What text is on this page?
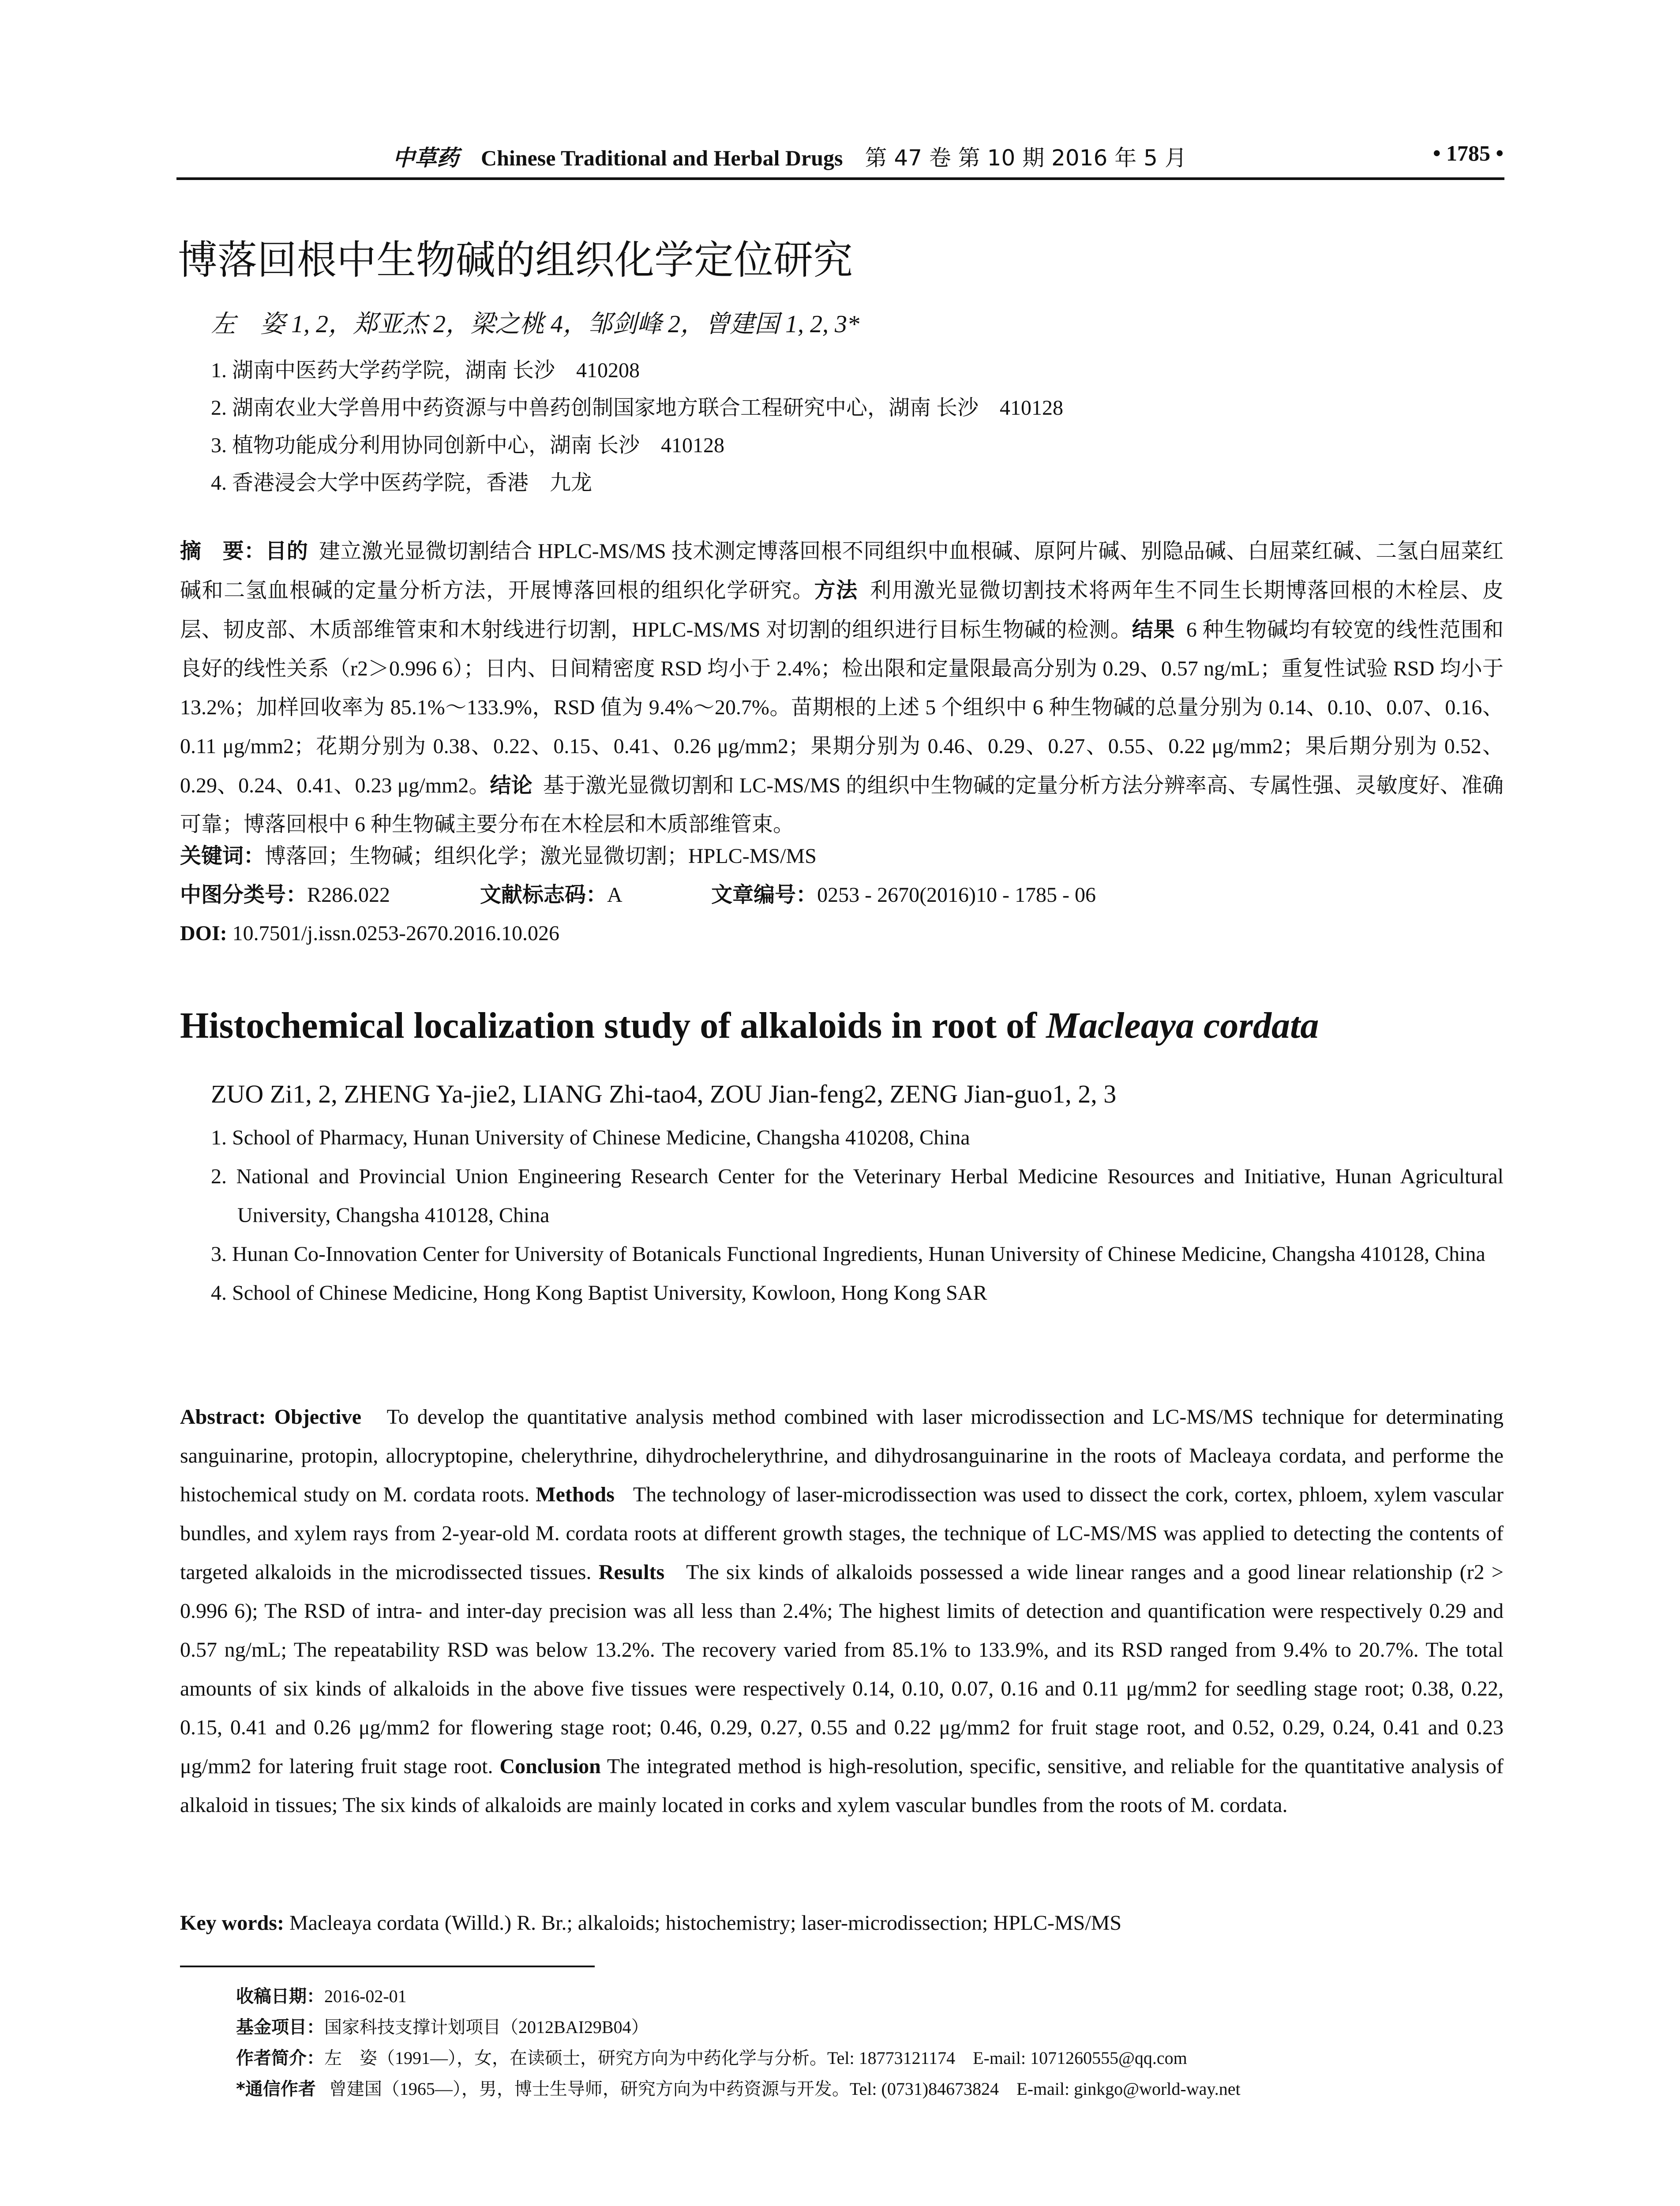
中草药 Chinese Traditional and Herbal Drugs 第 47 卷 第 10 期 2016 年 5 月	• 1785 •
博落回根中生物碱的组织化学定位研究
左　姿 1, 2，郑亚杰 2，梁之桃 4，邹剑峰 2，曾建国 1, 2, 3*
1. 湖南中医药大学药学院，湖南 长沙　410208
2. 湖南农业大学兽用中药资源与中兽药创制国家地方联合工程研究中心，湖南 长沙　410128
3. 植物功能成分利用协同创新中心，湖南 长沙　410128
4. 香港浸会大学中医药学院，香港　九龙
摘　要：目的 建立激光显微切割结合 HPLC-MS/MS 技术测定博落回根不同组织中血根碱、原阿片碱、别隐品碱、白屈菜红碱、二氢白屈菜红碱和二氢血根碱的定量分析方法，开展博落回根的组织化学研究。方法 利用激光显微切割技术将两年生不同生长期博落回根的木栓层、皮层、韧皮部、木质部维管束和木射线进行切割，HPLC-MS/MS 对切割的组织进行目标生物碱的检测。结果 6 种生物碱均有较宽的线性范围和良好的线性关系（r2＞0.996 6）；日内、日间精密度 RSD 均小于 2.4%；检出限和定量限最高分别为 0.29、0.57 ng/mL；重复性试验 RSD 均小于 13.2%；加样回收率为 85.1%～133.9%，RSD 值为 9.4%～20.7%。苗期根的上述 5 个组织中 6 种生物碱的总量分别为 0.14、0.10、0.07、0.16、0.11 μg/mm2；花期分别为 0.38、0.22、0.15、0.41、0.26 μg/mm2；果期分别为 0.46、0.29、0.27、0.55、0.22 μg/mm2；果后期分别为 0.52、0.29、0.24、0.41、0.23 μg/mm2。结论 基于激光显微切割和 LC-MS/MS 的组织中生物碱的定量分析方法分辨率高、专属性强、灵敏度好、准确可靠；博落回根中 6 种生物碱主要分布在木栓层和木质部维管束。
关键词：博落回；生物碱；组织化学；激光显微切割；HPLC-MS/MS
中图分类号：R286.022	文献标志码：A	文章编号：0253 - 2670(2016)10 - 1785 - 06
DOI: 10.7501/j.issn.0253-2670.2016.10.026
Histochemical localization study of alkaloids in root of Macleaya cordata
ZUO Zi1, 2, ZHENG Ya-jie2, LIANG Zhi-tao4, ZOU Jian-feng2, ZENG Jian-guo1, 2, 3
1. School of Pharmacy, Hunan University of Chinese Medicine, Changsha 410208, China
2. National and Provincial Union Engineering Research Center for the Veterinary Herbal Medicine Resources and Initiative, Hunan Agricultural University, Changsha 410128, China
3. Hunan Co-Innovation Center for University of Botanicals Functional Ingredients, Hunan University of Chinese Medicine, Changsha 410128, China
4. School of Chinese Medicine, Hong Kong Baptist University, Kowloon, Hong Kong SAR
Abstract: Objective To develop the quantitative analysis method combined with laser microdissection and LC-MS/MS technique for determinating sanguinarine, protopin, allocryptopine, chelerythrine, dihydrochelerythrine, and dihydrosanguinarine in the roots of Macleaya cordata, and performe the histochemical study on M. cordata roots. Methods The technology of laser-microdissection was used to dissect the cork, cortex, phloem, xylem vascular bundles, and xylem rays from 2-year-old M. cordata roots at different growth stages, the technique of LC-MS/MS was applied to detecting the contents of targeted alkaloids in the microdissected tissues. Results The six kinds of alkaloids possessed a wide linear ranges and a good linear relationship (r2 > 0.996 6); The RSD of intra- and inter-day precision was all less than 2.4%; The highest limits of detection and quantification were respectively 0.29 and 0.57 ng/mL; The repeatability RSD was below 13.2%. The recovery varied from 85.1% to 133.9%, and its RSD ranged from 9.4% to 20.7%. The total amounts of six kinds of alkaloids in the above five tissues were respectively 0.14, 0.10, 0.07, 0.16 and 0.11 μg/mm2 for seedling stage root; 0.38, 0.22, 0.15, 0.41 and 0.26 μg/mm2 for flowering stage root; 0.46, 0.29, 0.27, 0.55 and 0.22 μg/mm2 for fruit stage root, and 0.52, 0.29, 0.24, 0.41 and 0.23 μg/mm2 for latering fruit stage root. Conclusion The integrated method is high-resolution, specific, sensitive, and reliable for the quantitative analysis of alkaloid in tissues; The six kinds of alkaloids are mainly located in corks and xylem vascular bundles from the roots of M. cordata.
Key words: Macleaya cordata (Willd.) R. Br.; alkaloids; histochemistry; laser-microdissection; HPLC-MS/MS
收稿日期：2016-02-01
基金项目：国家科技支撑计划项目（2012BAI29B04）
作者简介：左　姿（1991—），女，在读硕士，研究方向为中药化学与分析。Tel: 18773121174　E-mail: 1071260555@qq.com
*通信作者 曾建国（1965—），男，博士生导师，研究方向为中药资源与开发。Tel: (0731)84673824　E-mail: ginkgo@world-way.net
